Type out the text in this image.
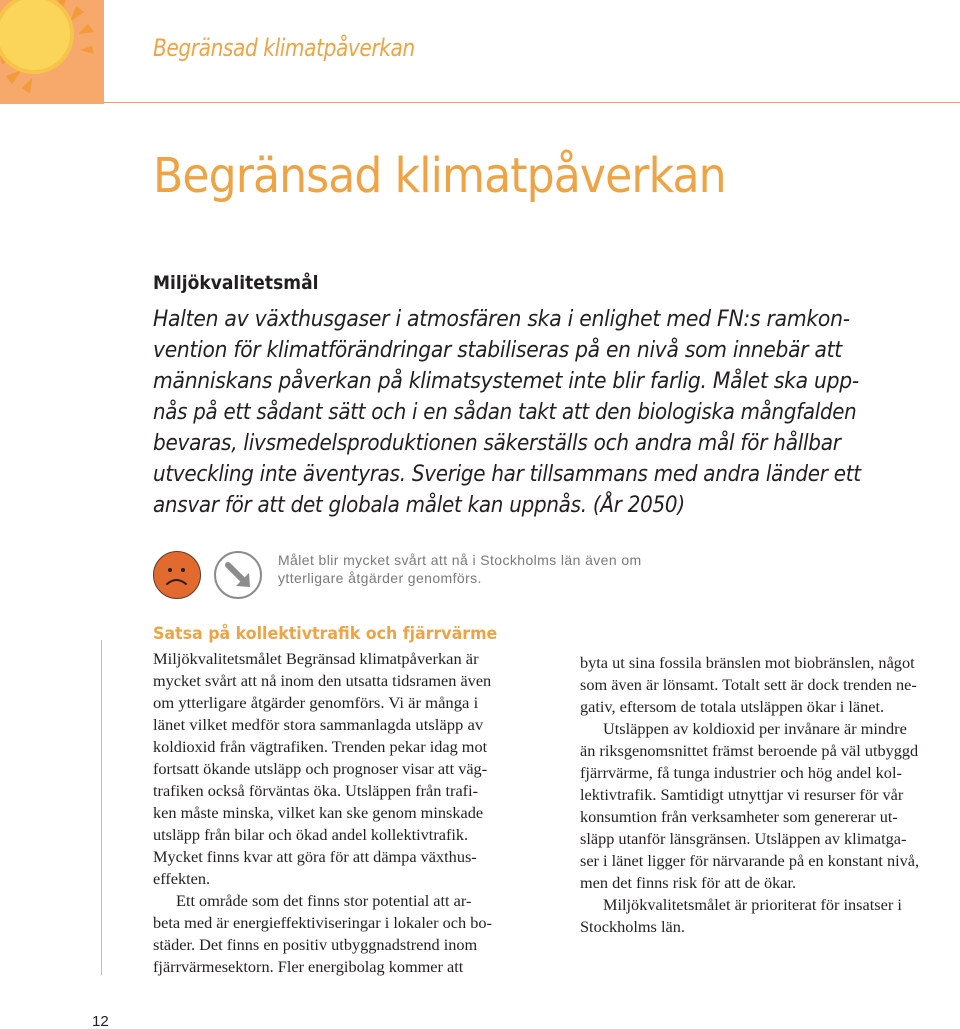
Begränsad klimatpåverkan
Begränsad klimatpåverkan
Miljökvalitetsmål
Halten av växthusgaser i atmosfären ska i enlighet med FN:s ramkon-
vention för klimatförändringar stabiliseras på en nivå som innebär att
människans påverkan på klimatsystemet inte blir farlig. Målet ska upp-
nås på ett sådant sätt och i en sådan takt att den biologiska mångfalden
bevaras, livsmedelsproduktionen säkerställs och andra mål för hållbar
utveckling inte äventyras. Sverige har tillsammans med andra länder ett
ansvar för att det globala målet kan uppnås. (År 2050)
Målet blir mycket svårt att nå i Stockholms län även om
ytterligare åtgärder genomförs.
Satsa på kollektivtrafik och fjärrvärme
Miljökvalitetsmålet Begränsad klimatpåverkan är
mycket svårt att nå inom den utsatta tidsramen även
om ytterligare åtgärder genomförs. Vi är många i
länet vilket medför stora sammanlagda utsläpp av
koldioxid från vägtrafiken. Trenden pekar idag mot
fortsatt ökande utsläpp och prognoser visar att väg-
trafiken också förväntas öka. Utsläppen från trafi-
ken måste minska, vilket kan ske genom minskade
utsläpp från bilar och ökad andel kollektivtrafik.
Mycket finns kvar att göra för att dämpa växthus-
effekten.
Ett område som det finns stor potential att ar-
beta med är energieffektiviseringar i lokaler och bo-
städer. Det finns en positiv utbyggnadstrend inom
fjärrvärmesektorn. Fler energibolag kommer att
byta ut sina fossila bränslen mot biobränslen, något
som även är lönsamt. Totalt sett är dock trenden ne-
gativ, eftersom de totala utsläppen ökar i länet.
Utsläppen av koldioxid per invånare är mindre
än riksgenomsnittet främst beroende på väl utbyggd
fjärrvärme, få tunga industrier och hög andel kol-
lektivtrafik. Samtidigt utnyttjar vi resurser för vår
konsumtion från verksamheter som genererar ut-
släpp utanför länsgränsen. Utsläppen av klimatga-
ser i länet ligger för närvarande på en konstant nivå,
men det finns risk för att de ökar.
Miljökvalitetsmålet är prioriterat för insatser i
Stockholms län.
12
